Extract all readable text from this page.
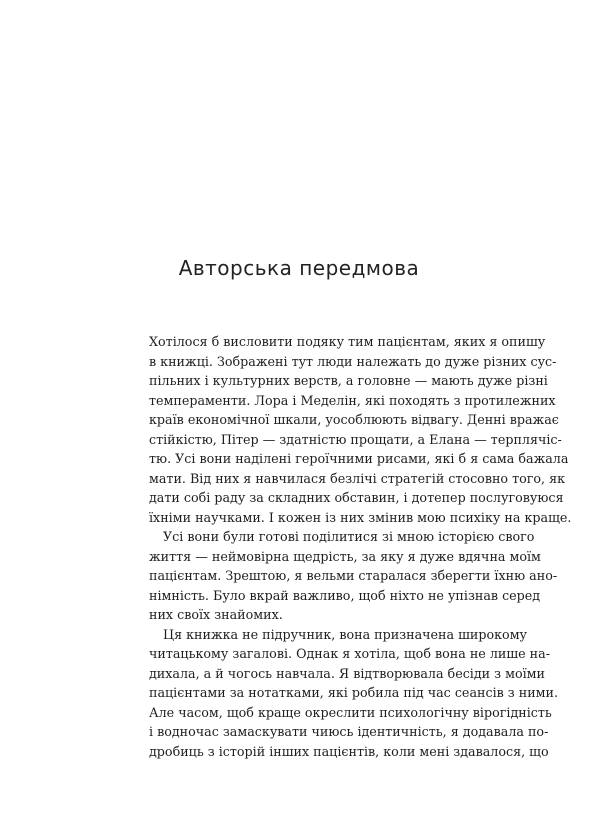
Авторська передмова
Хотілося б висловити подяку тим пацієнтам, яких я опишу
в книжці. Зображені тут люди належать до дуже різних сус-
пільних і культурних верств, а головне — мають дуже різні
темпераменти. Лора і Меделін, які походять з протилежних
країв економічної шкали, уособлюють відвагу. Денні вражає
стійкістю, Пітер — здатністю прощати, а Елана — терплячіс-
тю. Усі вони наділені героїчними рисами, які б я сама бажала
мати. Від них я навчилася безлічі стратегій стосовно того, як
дати собі раду за складних обставин, і дотепер послуговуюся
їхніми научками. І кожен із них змінив мою психіку на краще.
Усі вони були готові поділитися зі мною історією свого
життя — неймовірна щедрість, за яку я дуже вдячна моїм
пацієнтам. Зрештою, я вельми старалася зберегти їхню ано-
німність. Було вкрай важливо, щоб ніхто не упізнав серед
них своїх знайомих.
Ця книжка не підручник, вона призначена широкому
читацькому загалові. Однак я хотіла, щоб вона не лише на-
дихала, а й чогось навчала. Я відтворювала бесіди з моїми
пацієнтами за нотатками, які робила під час сеансів з ними.
Але часом, щоб краще окреслити психологічну вірогідність
і водночас замаскувати чиюсь ідентичність, я додавала по-
дробиць з історій інших пацієнтів, коли мені здавалося, що
